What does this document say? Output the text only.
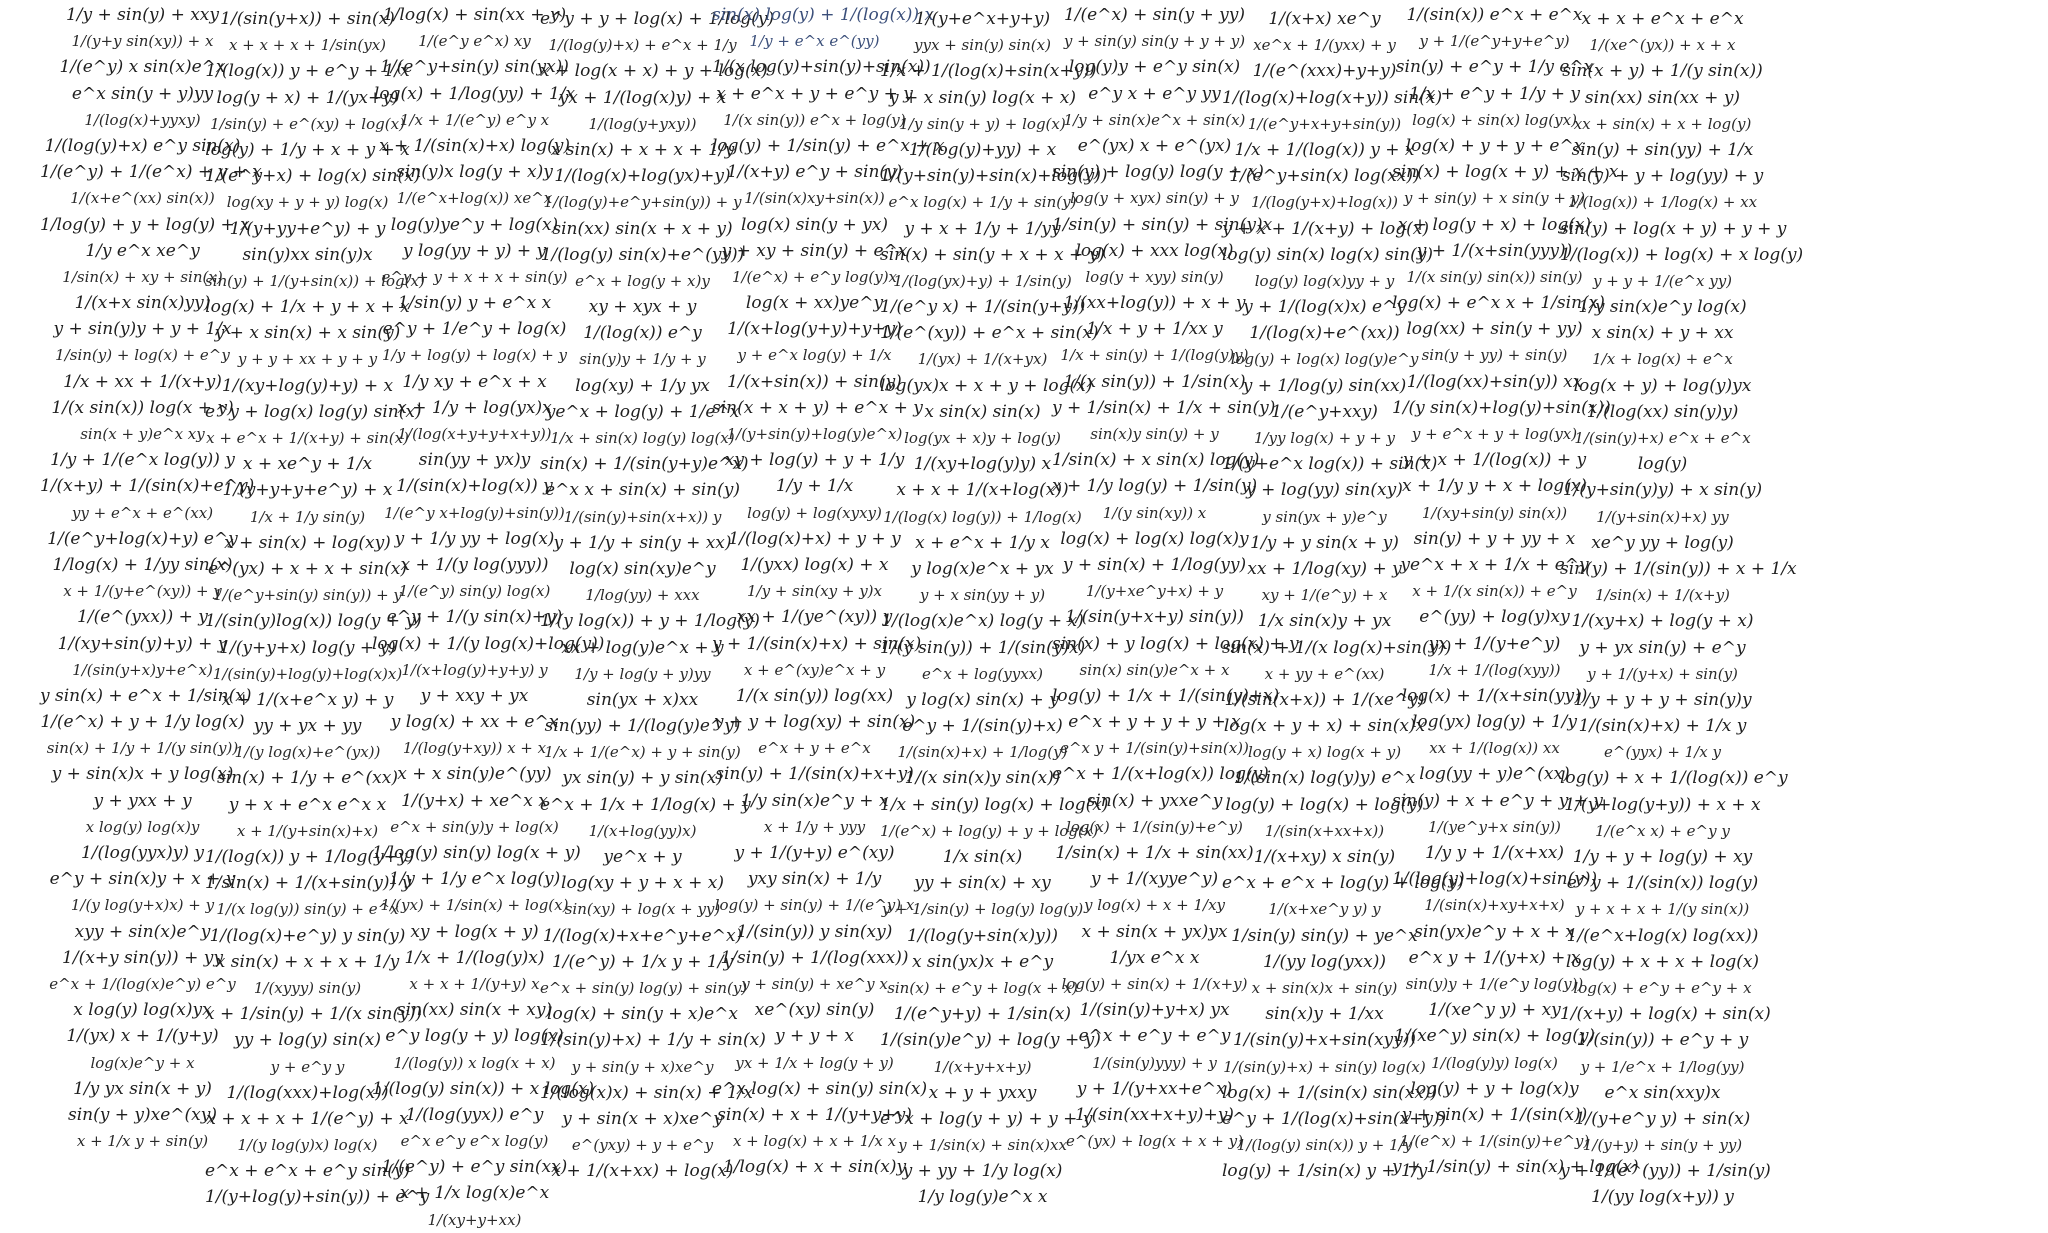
1/y + sin(y) + xxy
1/(y+y sin(xy)) + x
1/(e^y) x sin(x)e^x
e^x sin(y + y)yy
1/(log(x)+yyxy)
1/(log(y)+x) e^y sin(x)
1/(e^y) + 1/(e^x) + y + x
1/(x+e^(xx) sin(x))
1/log(y) + y + log(y) + x
1/y e^x xe^y
1/sin(x) + xy + sin(x)
1/(x+x sin(x)yy)
y + sin(y)y + y + 1/x
1/sin(y) + log(x) + e^y
1/x + xx + 1/(x+y)
1/(x sin(x)) log(x + y)
sin(x + y)e^x xy
1/y + 1/(e^x log(y)) y
1/(x+y) + 1/(sin(x)+e^y)
yy + e^x + e^(xx)
1/(e^y+log(x)+y) e^y
1/log(x) + 1/yy sin(x)
x + 1/(y+e^(xy)) + y
1/(e^(yxx)) + y
1/(xy+sin(y)+y) + y
1/(sin(y+x)y+e^x)
y sin(x) + e^x + 1/sin(x)
1/(e^x) + y + 1/y log(x)
sin(x) + 1/y + 1/(y sin(y))
y + sin(x)x + y log(x)
y + yxx + y
x log(y) log(x)y
1/(log(yyx)y) y
e^y + sin(x)y + x + y
1/(y log(y+x)x) + y
xyy + sin(x)e^y
1/(x+y sin(y)) + yy
e^x + 1/(log(x)e^y) e^y
x log(y) log(x)yx
1/(yx) x + 1/(y+y)
log(x)e^y + x
1/y yx sin(x + y)
sin(y + y)xe^(xy)
x + 1/x y + sin(y)
1/(sin(y+x)) + sin(x)
x + x + x + 1/sin(yx)
1/(log(x)) y + e^y + 1/x
log(y + x) + 1/(yx+y)
1/sin(y) + e^(xy) + log(x)
log(y) + 1/y + x + y + x
1/(e^y+x) + log(x) sin(x)
log(xy + y + y) log(x)
1/(y+yy+e^y) + y
sin(y)xx sin(y)x
sin(y) + 1/(y+sin(x)) + log(x)
log(x) + 1/x + y + x + x
y + x sin(x) + x sin(y)
y + y + xx + y + y
1/(xy+log(y)+y) + x
e^y + log(x) log(y) sin(x)
x + e^x + 1/(x+y) + sin(x)
x + xe^y + 1/x
1/(y+y+y+e^y) + x
1/x + 1/y sin(y)
x + sin(x) + log(xy)
e^(yx) + x + x + sin(x)
1/(e^y+sin(y) sin(y)) + y
1/(sin(y)log(x)) log(y + y)
1/(y+y+x) log(y + y)
1/(sin(y)+log(y)+log(x)x)
x + 1/(x+e^x y) + y
yy + yx + yy
1/(y log(x)+e^(yx))
sin(x) + 1/y + e^(xx)
y + x + e^x e^x x
x + 1/(y+sin(x)+x)
1/(log(x)) y + 1/log(y+y)
1/sin(x) + 1/(x+sin(y)) y
1/(x log(y)) sin(y) + e^x
1/(log(x)+e^y) y sin(y)
x sin(x) + x + x + 1/y
1/(xyyy) sin(y)
x + 1/sin(y) + 1/(x sin(y))
yy + log(y) sin(x)
y + e^y y
1/(log(xxx)+log(x))
x + x + x + 1/(e^y) + x
1/(y log(y)x) log(x)
e^x + e^x + e^y sin(y)
1/(y+log(y)+sin(y)) + e^y
1/log(x) + sin(xx + y)
1/(e^y e^x) xy
1/(e^y+sin(y) sin(yx))
log(x) + 1/log(yy) + 1/x
1/x + 1/(e^y) e^y x
x + 1/(sin(x)+x) log(y)
sin(y)x log(y + x)y
1/(e^x+log(x)) xe^x
log(y)ye^y + log(x)
y log(yy + y) + y
e^y + y + x + x + sin(y)
1/sin(y) y + e^x x
e^y + 1/e^y + log(x)
1/y + log(y) + log(x) + y
1/y xy + e^x + x
x + 1/y + log(yx)x
1/(log(x+y+y+x+y))
sin(yy + yx)y
1/(sin(x)+log(x)) y
1/(e^y x+log(y)+sin(y))
y + 1/y yy + log(x)
x + 1/(y log(yyy))
1/(e^y) sin(y) log(x)
e^y + 1/(y sin(x)+y)
log(x) + 1/(y log(x)+log(y))
1/(x+log(y)+y+y) y
y + xxy + yx
y log(x) + xx + e^x
1/(log(y+xy)) x + x
x + x sin(y)e^(yy)
1/(y+x) + xe^x x
e^x + sin(y)y + log(x)
1/log(y) sin(y) log(x + y)
1/y + 1/y e^x log(y)
1/(yx) + 1/sin(x) + log(x)
xy + log(x + y)
1/x + 1/(log(y)x)
x + x + 1/(y+y) x
sin(xx) sin(x + xy)
e^y log(y + y) log(x)
1/(log(y)) x log(x + x)
1/(log(y) sin(x)) + x log(x)
1/(log(yyx)) e^y
e^x e^y e^x log(y)
1/(e^y) + e^y sin(xx)
x + 1/x log(x)e^x
1/(xy+y+xx)
e^y + y + log(x) + 1/log(y)
1/(log(y)+x) + e^x + 1/y
x + log(x + x) + y + log(x)
yx + 1/(log(x)y) + x
1/(log(y+yxy))
x sin(x) + x + x + 1/y
1/(log(x)+log(yx)+y)
1/(log(y)+e^y+sin(y)) + y
sin(xx) sin(x + x + y)
1/(log(y) sin(x)+e^(yy))
e^x + log(y + x)y
xy + xyx + y
1/(log(x)) e^y
sin(y)y + 1/y + y
log(xy) + 1/y yx
ye^x + log(y) + 1/e^x
1/x + sin(x) log(y) log(x)
sin(x) + 1/(sin(y+y)e^x)
e^x x + sin(x) + sin(y)
1/(sin(y)+sin(x+x)) y
y + 1/y + sin(y + xx)
log(x) sin(xy)e^y
1/log(yy) + xxx
1/(y log(x)) + y + 1/log(y)
xx + log(y)e^x + y
1/y + log(y + y)yy
sin(yx + x)xx
sin(yy) + 1/(log(y)e^y)
1/x + 1/(e^x) + y + sin(y)
yx sin(y) + y sin(x)
e^x + 1/x + 1/log(x) + y
1/(x+log(yy)x)
ye^x + y
log(xy + y + x + x)
sin(xy) + log(x + yy)
1/(log(x)+x+e^y+e^x)
1/(e^y) + 1/x y + 1/y
e^x + sin(y) log(y) + sin(y)
log(x) + sin(y + x)e^x
1/(sin(y)+x) + 1/y + sin(x)
y + sin(y + x)xe^y
1/(log(x)x) + sin(x) + 1/x
y + sin(x + x)xe^y
e^(yxy) + y + e^y
x + 1/(x+xx) + log(x)
sin(x) log(y) + 1/(log(x)) x
1/y + e^x e^(yy)
1/(x log(y)+sin(y)+sin(x))
x + e^x + y + e^y + y
1/(x sin(y)) e^x + log(y)
log(y) + 1/sin(y) + e^x + x
1/(x+y) e^y + sin(y)
1/(sin(x)xy+sin(x))
log(x) sin(y + yx)
y + xy + sin(y) + e^x
1/(e^x) + e^y log(y)x
log(x + xx)ye^y
1/(x+log(y+y)+y+y)
y + e^x log(y) + 1/x
1/(x+sin(x)) + sin(y)
sin(x + x + y) + e^x + y
1/(y+sin(y)+log(y)e^x)
xy + log(y) + y + 1/y
1/y + 1/x
log(y) + log(xyxy)
1/(log(x)+x) + y + y
1/(yxx) log(x) + x
1/y + sin(xy + y)x
xx + 1/(ye^(xy)) y
y + 1/(sin(x)+x) + sin(x)
x + e^(xy)e^x + y
1/(x sin(y)) log(xx)
y + y + log(xy) + sin(x)
e^x + y + e^x
sin(y) + 1/(sin(x)+x+y)
1/y sin(x)e^y + x
x + 1/y + yyy
y + 1/(y+y) e^(xy)
yxy sin(x) + 1/y
log(y) + sin(y) + 1/(e^y) x
1/(sin(y)) y sin(xy)
1/sin(y) + 1/(log(xxx))
y + sin(y) + xe^y x
xe^(xy) sin(y)
y + y + x
yx + 1/x + log(y + y)
e^x log(x) + sin(y) sin(x)
sin(x) + x + 1/(y+y+y)
x + log(x) + x + 1/x x
1/log(x) + x + sin(x)y
1/(y+e^x+y+y)
yyx + sin(y) sin(x)
1/x + 1/(log(x)+sin(x+y))
y + x sin(y) log(x + x)
1/y sin(y + y) + log(x)
1/(log(y)+yy) + x
1/(y+sin(y)+sin(x)+log(y))
e^x log(x) + 1/y + sin(y)
y + x + 1/y + 1/yy
sin(x) + sin(y + x + x + y)
1/(log(yx)+y) + 1/sin(y)
1/(e^y x) + 1/(sin(y+y))
1/(e^(xy)) + e^x + sin(x)
1/(yx) + 1/(x+yx)
log(yx)x + x + y + log(x)
x sin(x) sin(x)
log(yx + x)y + log(y)
1/(xy+log(y)y) x
x + x + 1/(x+log(x))
1/(log(x) log(y)) + 1/log(x)
x + e^x + 1/y x
y log(x)e^x + yx
y + x sin(yy + y)
1/(log(x)e^x) log(y + x)
1/(y sin(y)) + 1/(sin(y)x)
e^x + log(yyxx)
y log(x) sin(x) + y
e^y + 1/(sin(y)+x)
1/(sin(x)+x) + 1/log(y)
1/(x sin(x)y sin(x))
1/x + sin(y) log(x) + log(x)
1/(e^x) + log(y) + y + log(x)
1/x sin(x)
yy + sin(x) + xy
y + 1/sin(y) + log(y) log(y)
1/(log(y+sin(x)y))
x sin(yx)x + e^y
sin(x) + e^y + log(x + x)
1/(e^y+y) + 1/sin(x)
1/(sin(y)e^y) + log(y + y)
1/(x+y+x+y)
x + y + yxxy
e^x + log(y + y) + y + y
y + 1/sin(x) + sin(x)xx
y + yy + 1/y log(x)
1/y log(y)e^x x
1/(e^x) + sin(y + yy)
y + sin(y) sin(y + y + y)
log(y)y + e^y sin(x)
e^y x + e^y yy
1/y + sin(x)e^x + sin(x)
e^(yx) x + e^(yx)
sin(y) + log(y) log(y + x)
log(y + xyx) sin(y) + y
1/sin(y) + sin(y) + sin(y)x
log(x) + xxx log(x)
log(y + xyy) sin(y)
1/(xx+log(y)) + x + y
1/x + y + 1/xx y
1/x + sin(y) + 1/(log(y)y)
1/(x sin(y)) + 1/sin(x)
y + 1/sin(x) + 1/x + sin(y)
sin(x)y sin(y) + y
1/sin(x) + x sin(x) log(y)
x + 1/y log(y) + 1/sin(y)
1/(y sin(xy)) x
log(x) + log(x) log(x)y
y + sin(x) + 1/log(yy)
1/(y+xe^y+x) + y
1/(sin(y+x+y) sin(y))
sin(x) + y log(x) + log(x) + y
sin(x) sin(y)e^x + x
log(y) + 1/x + 1/(sin(y)+x)
e^x + y + y + y + x
e^x y + 1/(sin(y)+sin(x))
e^x + 1/(x+log(x)) log(y)
sin(x) + yxxe^y
log(x) + 1/(sin(y)+e^y)
1/sin(x) + 1/x + sin(xx)
y + 1/(xyye^y)
y log(x) + x + 1/xy
x + sin(x + yx)yx
1/yx e^x x
log(y) + sin(x) + 1/(x+y)
1/(sin(y)+y+x) yx
e^x + e^y + e^y
1/(sin(y)yyy) + y
y + 1/(y+xx+e^x)
1/(sin(xx+x+y)+y)
e^(yx) + log(x + x + y)
1/(x+x) xe^y
xe^x + 1/(yxx) + y
1/(e^(xxx)+y+y)
1/(log(x)+log(x+y)) sin(x)
1/(e^y+x+y+sin(y))
1/x + 1/(log(x)) y + x
1/(e^y+sin(x) log(xx))
1/(log(y+x)+log(x))
y + x + 1/(x+y) + log(x)
log(y) sin(x) log(x) sin(y)
log(y) log(x)yy + y
y + 1/(log(x)x) e^y
1/(log(x)+e^(xx))
log(y) + log(x) log(y)e^y
y + 1/log(y) sin(xx)
1/(e^y+xxy)
1/yy log(x) + y + y
1/(y+e^x log(x)) + sin(x)
y + log(yy) sin(xy)
y sin(yx + y)e^y
1/y + y sin(x + y)
xx + 1/log(xy) + y
xy + 1/(e^y) + x
1/x sin(x)y + yx
sin(x) + 1/(x log(x)+sin(y))
x + yy + e^(xx)
1/(sin(x+x)) + 1/(xe^y)
log(x + y + x) + sin(x)x
log(y + x) log(x + y)
1/(sin(x) log(y)y) e^x
log(y) + log(x) + log(y)
1/(sin(x+xx+x))
1/(x+xy) x sin(y)
e^x + e^x + log(y) + log(y)
1/(x+xe^y y) y
1/sin(y) sin(y) + ye^x
1/(yy log(yxx))
x + sin(x)x + sin(y)
sin(x)y + 1/xx
1/(sin(y)+x+sin(xyy))
1/(sin(y)+x) + sin(y) log(x)
log(x) + 1/(sin(x) sin(xx))
e^y + 1/(log(x)+sin(x+y))
1/(log(y) sin(x)) y + 1/y
log(y) + 1/sin(x) y + 1/y
1/(sin(x)) e^x + e^x
y + 1/(e^y+y+e^y)
sin(y) + e^y + 1/y e^x
1/x + e^y + 1/y + y
log(x) + sin(x) log(yx)
log(x) + y + y + e^x
sin(x) + log(x + y) + x + x
y + sin(y) + x sin(y + y)
x + log(y + x) + log(x)
y + 1/(x+sin(yyy))
1/(x sin(y) sin(x)) sin(y)
log(x) + e^x x + 1/sin(x)
log(xx) + sin(y + yy)
sin(y + yy) + sin(y)
1/(log(xx)+sin(y)) xx
1/(y sin(x)+log(y)+sin(x))
y + e^x + y + log(yx)
y + x + 1/(log(x)) + y
x + 1/y y + x + log(x)
1/(xy+sin(y) sin(x))
sin(y) + y + yy + x
ye^x + x + 1/x + e^y
x + 1/(x sin(x)) + e^y
e^(yy) + log(y)xy
yx + 1/(y+e^y)
1/x + 1/(log(xyy))
log(x) + 1/(x+sin(yy))
log(yx) log(y) + 1/y
xx + 1/(log(x)) xx
log(yy + y)e^(xx)
sin(y) + x + e^y + y + y
1/(ye^y+x sin(y))
1/y y + 1/(x+xx)
1/(log(y)+log(x)+sin(y))
1/(sin(x)+xy+x+x)
sin(yx)e^y + x + x
e^x y + 1/(y+x) + x
sin(y)y + 1/(e^y log(y))
1/(xe^y y) + xy
1/(xe^y) sin(x) + log(y)
1/(log(y)y) log(x)
log(y) + y + log(x)y
y + sin(x) + 1/(sin(x))
1/(e^x) + 1/(sin(y)+e^y)
y + 1/sin(y) + sin(x) + log(x)
x + x + e^x + e^x
1/(xe^(yx)) + x + x
sin(x + y) + 1/(y sin(x))
sin(xx) sin(xx + y)
xx + sin(x) + x + log(y)
sin(y) + sin(yy) + 1/x
sin(y) + y + log(yy) + y
1/(log(x)) + 1/log(x) + xx
sin(y) + log(x + y) + y + y
1/(log(x)) + log(x) + x log(y)
y + y + 1/(e^x yy)
1/y sin(x)e^y log(x)
x sin(x) + y + xx
1/x + log(x) + e^x
log(x + y) + log(y)yx
1/(log(xx) sin(y)y)
1/(sin(y)+x) e^x + e^x
log(y)
1/(y+sin(y)y) + x sin(y)
1/(y+sin(x)+x) yy
xe^y yy + log(y)
sin(y) + 1/(sin(y)) + x + 1/x
1/sin(x) + 1/(x+y)
1/(xy+x) + log(y + x)
y + yx sin(y) + e^y
y + 1/(y+x) + sin(y)
1/y + y + y + sin(y)y
1/(sin(x)+x) + 1/x y
e^(yyx) + 1/x y
log(y) + x + 1/(log(x)) e^y
1/(y+log(y+y)) + x + x
1/(e^x x) + e^y y
1/y + y + log(y) + xy
e^y + 1/(sin(x)) log(y)
y + x + x + 1/(y sin(x))
1/(e^x+log(x) log(xx))
log(y) + x + x + log(x)
log(x) + e^y + e^y + x
1/(x+y) + log(x) + sin(x)
1/(sin(y)) + e^y + y
y + 1/e^x + 1/log(yy)
e^x sin(xxy)x
1/(y+e^y y) + sin(x)
1/(y+y) + sin(y + yy)
y + 1/(e^(yy)) + 1/sin(y)
1/(yy log(x+y)) y
